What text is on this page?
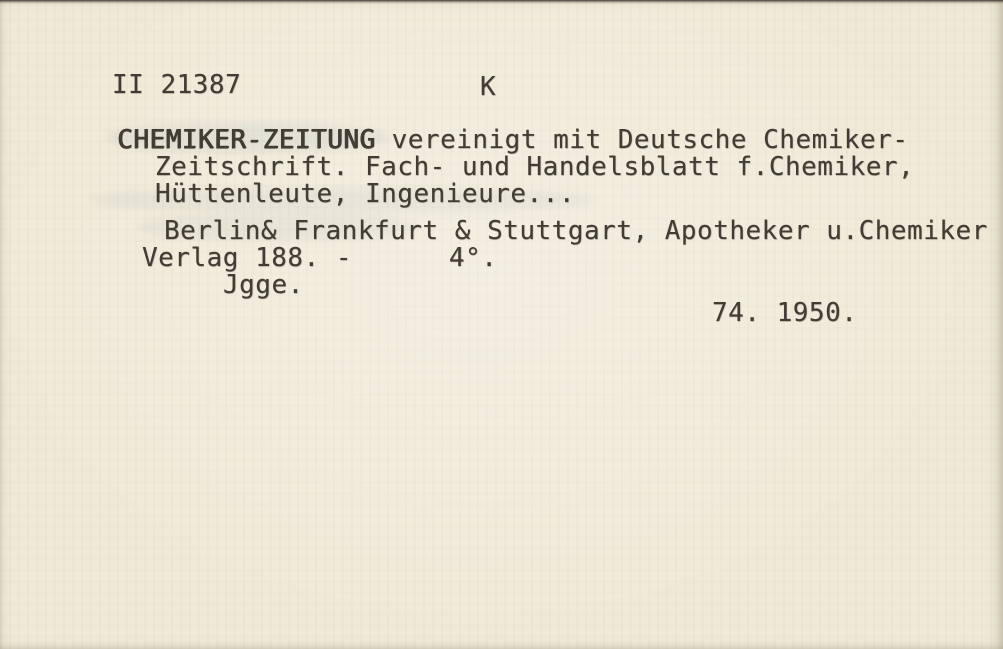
II 21387	K
CHEMIKER-ZEITUNG vereinigt mit Deutsche Chemiker-
Zeitschrift. Fach- und Handelsblatt f.Chemiker,
Hüttenleute, Ingenieure...
Berlin& Frankfurt & Stuttgart, Apotheker u.Chemiker
Verlag 188. -      4°.
Jgge.
74. 1950.
